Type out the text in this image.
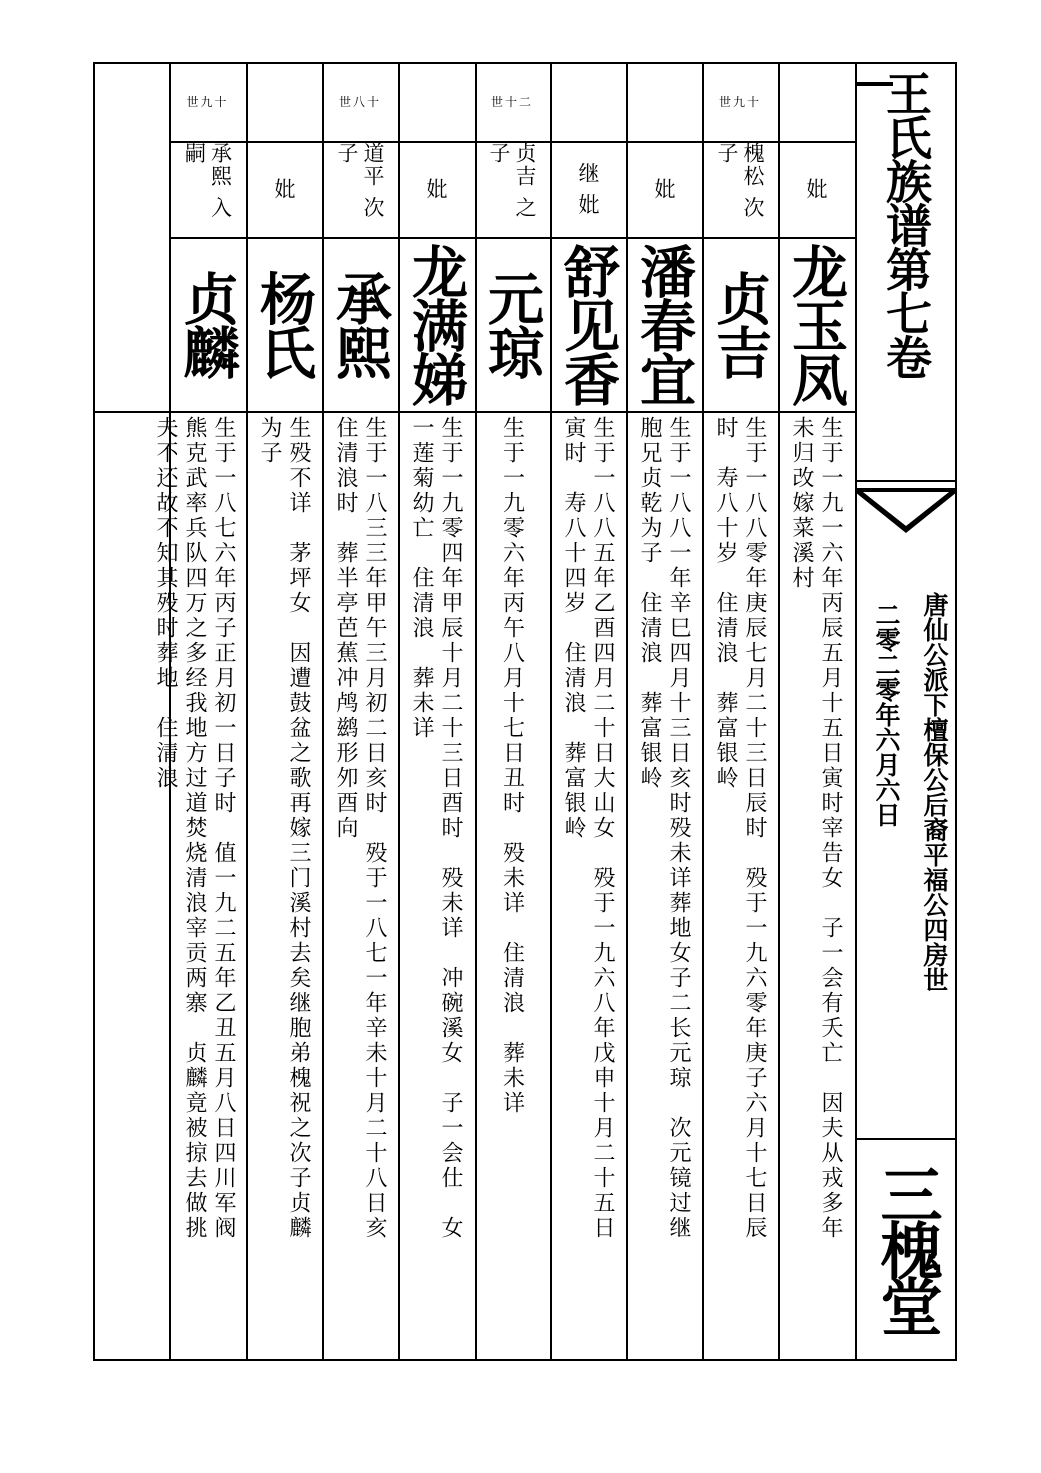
妣
龙玉凤
生于一九一六年丙辰五月十五日寅时宰告女　子一会有夭亡　因夫从戎多年
未归改嫁菜溪村
世九十
槐松 次子
贞吉
生于一八八零年庚辰七月二十三日辰时　殁于一九六零年庚子六月十七日辰
时　寿八十岁　住清浪　葬富银岭
妣
潘春宜
生于一八八一年辛巳四月十三日亥时殁未详葬地女子二长元琼　次元镜过继
胞兄贞乾为子　住清浪　葬富银岭
继 妣
舒见香
生于一八八五年乙酉四月二十日大山女　殁于一九六八年戊申十月二十五日
寅时　寿八十四岁　住清浪　葬富银岭
世十二
贞吉 之子
元琼
生于一九零六年丙午八月十七日丑时　殁未详　住清浪　葬未详
妣
龙满娣
生于一九零四年甲辰十月二十三日酉时　殁未详　冲碗溪女　子一会仕　女
一莲菊幼亡　住清浪　葬未详
世八十
道平 次子
承熙
生于一八三三年甲午三月初二日亥时　殁于一八七一年辛未十月二十八日亥
住清浪时　葬半亭芭蕉冲鸬鹚形夘酉向
妣
杨氏
生殁不详　茅坪女　因遭鼓盆之歌再嫁三门溪村去矣继胞弟槐祝之次子贞麟
为子
世九十
承熙 入嗣
贞麟
生于一八七六年丙子正月初一日子时　值一九二五年乙丑五月八日四川军阀
熊克武率兵队四万之多经我地方过道焚烧清浪宰贡两寨　贞麟竟被掠去做挑
夫不还故不知其殁时葬地　住清浪
王氏族谱第七卷
唐仙公派下檀保公后裔平福公四房世
二零二零年六月六日
三槐堂
